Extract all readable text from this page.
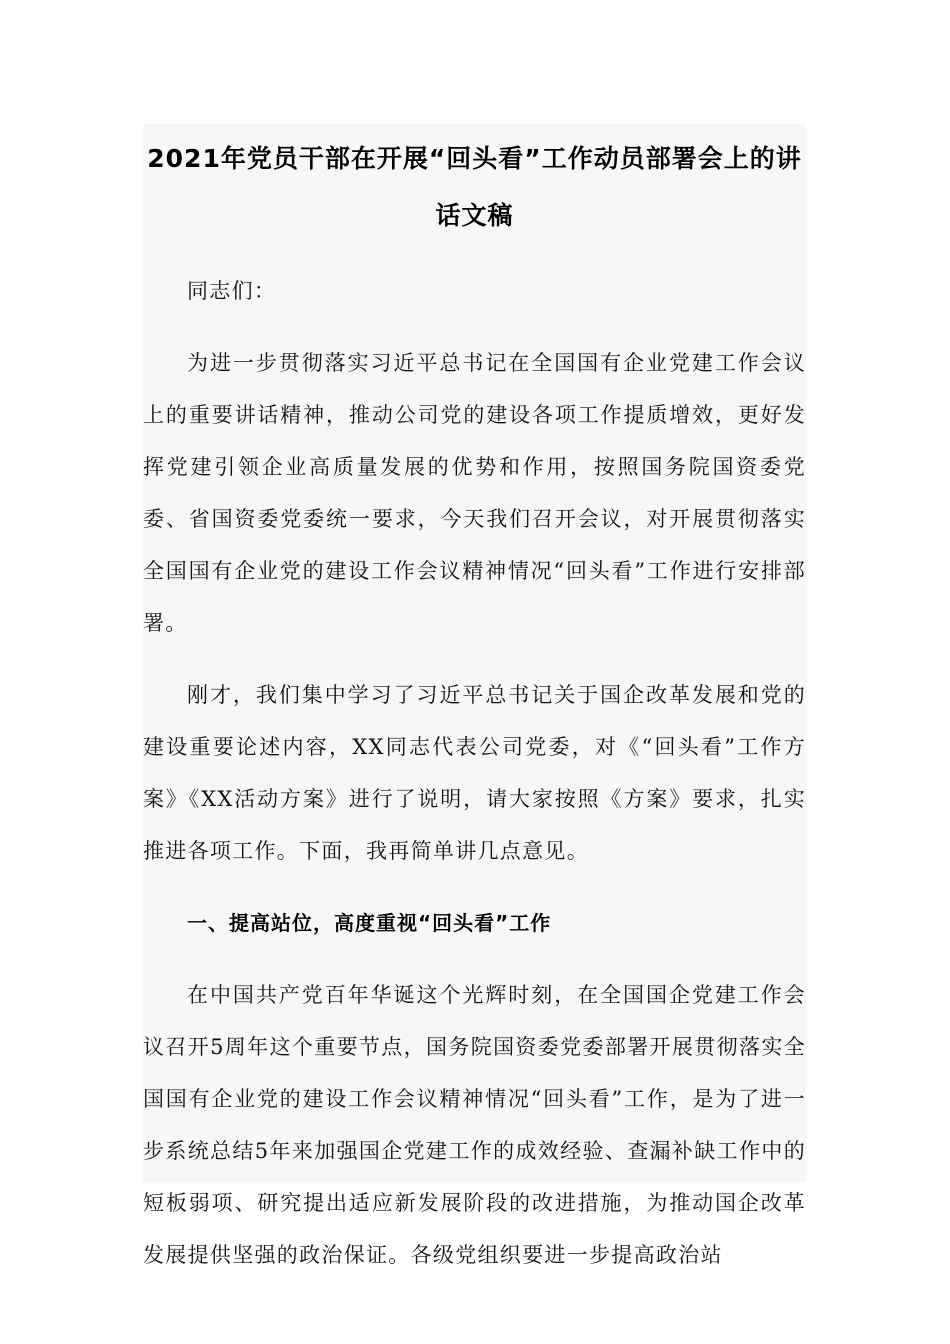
2021年党员干部在开展“回头看”工作动员部署会上的讲话文稿

同志们：

为进一步贯彻落实习近平总书记在全国国有企业党建工作会议上的重要讲话精神，推动公司党的建设各项工作提质增效，更好发挥党建引领企业高质量发展的优势和作用，按照国务院国资委党委、省国资委党委统一要求，今天我们召开会议，对开展贯彻落实全国国有企业党的建设工作会议精神情况“回头看”工作进行安排部署。

刚才，我们集中学习了习近平总书记关于国企改革发展和党的建设重要论述内容，XX同志代表公司党委，对《“回头看”工作方案》《XX活动方案》进行了说明，请大家按照《方案》要求，扎实推进各项工作。下面，我再简单讲几点意见。

一、提高站位，高度重视“回头看”工作

在中国共产党百年华诞这个光辉时刻，在全国国企党建工作会议召开5周年这个重要节点，国务院国资委党委部署开展贯彻落实全国国有企业党的建设工作会议精神情况“回头看”工作，是为了进一步系统总结5年来加强国企党建工作的成效经验、查漏补缺工作中的短板弱项、研究提出适应新发展阶段的改进措施，为推动国企改革发展提供坚强的政治保证。各级党组织要进一步提高政治站
